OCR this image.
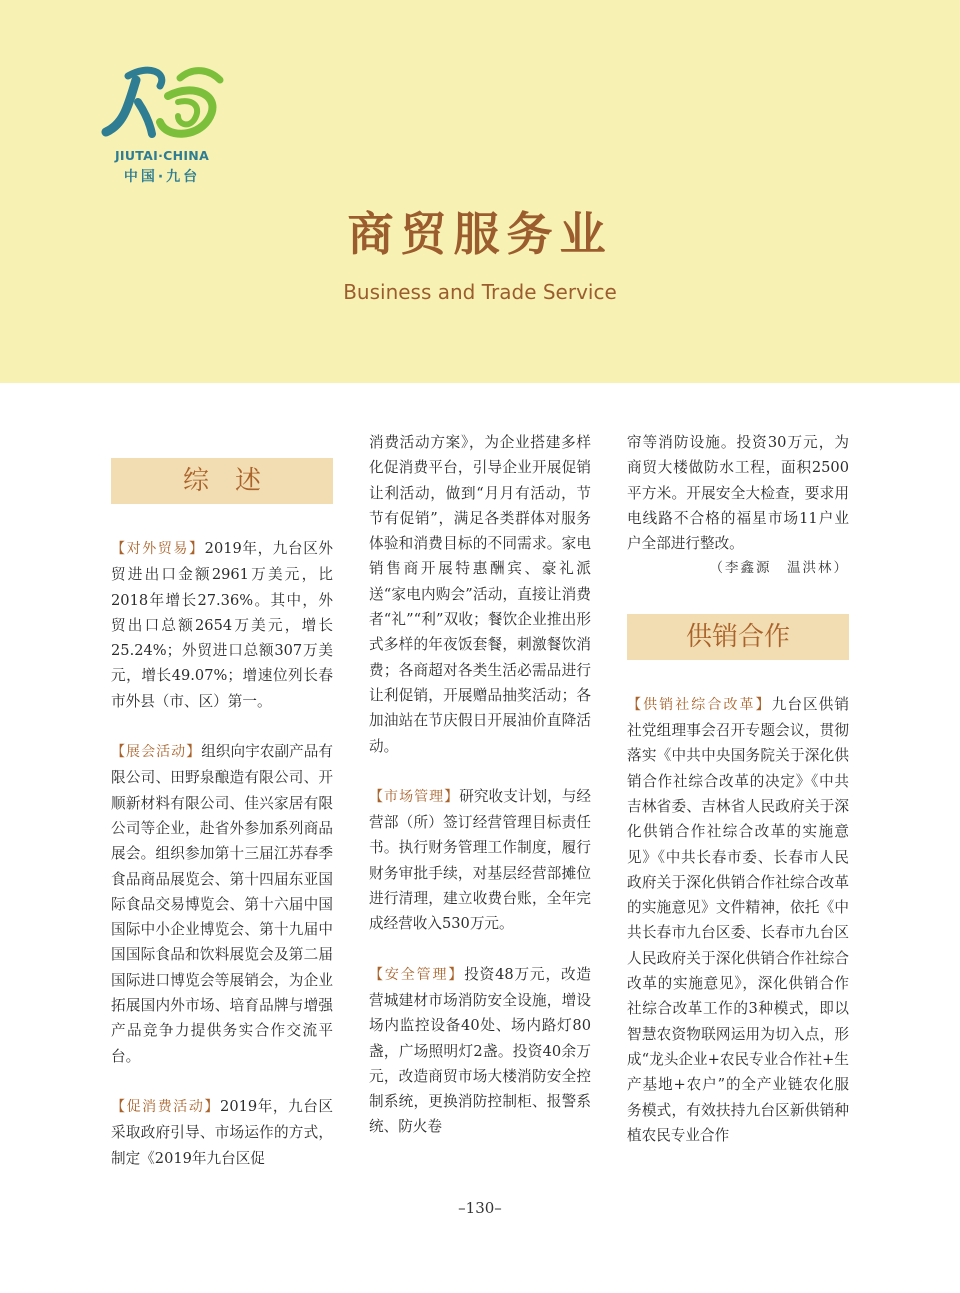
JIUTAI·CHINA
中国·九台
商贸服务业
Business and Trade Service
综　述

【对外贸易】2019年，九台区外贸进出口金额2961万美元，比2018年增长27.36%。其中，外贸出口总额2654万美元，增长25.24%；外贸进口总额307万美元，增长49.07%；增速位列长春市外县（市、区）第一。

【展会活动】组织向宇农副产品有限公司、田野泉酿造有限公司、开顺新材料有限公司、佳兴家居有限公司等企业，赴省外参加系列商品展会。组织参加第十三届江苏春季食品商品展览会、第十四届东亚国际食品交易博览会、第十六届中国国际中小企业博览会、第十九届中国国际食品和饮料展览会及第二届国际进口博览会等展销会，为企业拓展国内外市场、培育品牌与增强产品竞争力提供务实合作交流平台。

【促消费活动】2019年，九台区采取政府引导、市场运作的方式，制定《2019年九台区促

消费活动方案》，为企业搭建多样化促消费平台，引导企业开展促销让利活动，做到“月月有活动，节节有促销”，满足各类群体对服务体验和消费目标的不同需求。家电销售商开展特惠酬宾、豪礼派送“家电内购会”活动，直接让消费者“礼”“利”双收；餐饮企业推出形式多样的年夜饭套餐，刺激餐饮消费；各商超对各类生活必需品进行让利促销，开展赠品抽奖活动；各加油站在节庆假日开展油价直降活动。

【市场管理】研究收支计划，与经营部（所）签订经营管理目标责任书。执行财务管理工作制度，履行财务审批手续，对基层经营部摊位进行清理，建立收费台账，全年完成经营收入530万元。

【安全管理】投资48万元，改造营城建材市场消防安全设施，增设场内监控设备40处、场内路灯80盏，广场照明灯2盏。投资40余万元，改造商贸市场大楼消防安全控制系统，更换消防控制柜、报警系统、防火卷

帘等消防设施。投资30万元，为商贸大楼做防水工程，面积2500平方米。开展安全大检查，要求用电线路不合格的福星市场11户业户全部进行整改。

（李鑫源　温洪林）
供销合作

【供销社综合改革】九台区供销社党组理事会召开专题会议，贯彻落实《中共中央国务院关于深化供销合作社综合改革的决定》《中共吉林省委、吉林省人民政府关于深化供销合作社综合改革的实施意见》《中共长春市委、长春市人民政府关于深化供销合作社综合改革的实施意见》文件精神，依托《中共长春市九台区委、长春市九台区人民政府关于深化供销合作社综合改革的实施意见》，深化供销合作社综合改革工作的3种模式，即以智慧农资物联网运用为切入点，形成“龙头企业+农民专业合作社+生产基地+农户”的全产业链农化服务模式，有效扶持九台区新供销种植农民专业合作

–130–
